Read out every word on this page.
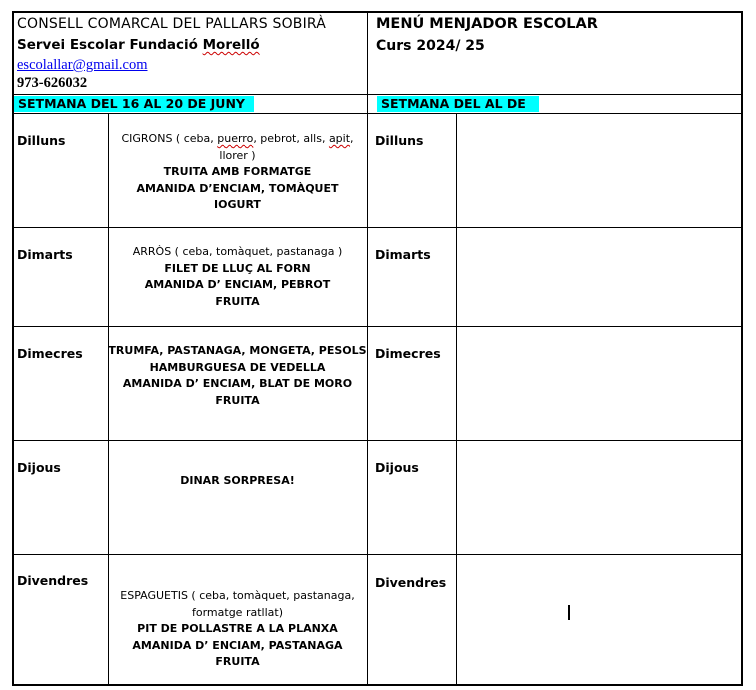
CONSELL COMARCAL DEL PALLARS SOBIRÀ
Servei Escolar Fundació Morelló
escolallar@gmail.com
973-626032
MENÚ MENJADOR ESCOLAR
Curs 2024/ 25
SETMANA DEL 16 AL 20 DE JUNY	SETMANA DEL AL DE
Dilluns
Dimarts
Dimecres
Dijous
Divendres
Dilluns
Dimarts
Dimecres
Dijous
Divendres
CIGRONS ( ceba, puerro, pebrot, alls, apit,
llorer )
TRUITA AMB FORMATGE
AMANIDA D’ENCIAM, TOMÀQUET
IOGURT
ARRÒS ( ceba, tomàquet, pastanaga )
FILET DE LLUÇ AL FORN
AMANIDA D’ ENCIAM, PEBROT
FRUITA
TRUMFA, PASTANAGA, MONGETA, PESOLS
HAMBURGUESA DE VEDELLA
AMANIDA D’ ENCIAM, BLAT DE MORO
FRUITA
DINAR SORPRESA!
ESPAGUETIS ( ceba, tomàquet, pastanaga,
formatge ratllat)
PIT DE POLLASTRE A LA PLANXA
AMANIDA D’ ENCIAM, PASTANAGA
FRUITA
